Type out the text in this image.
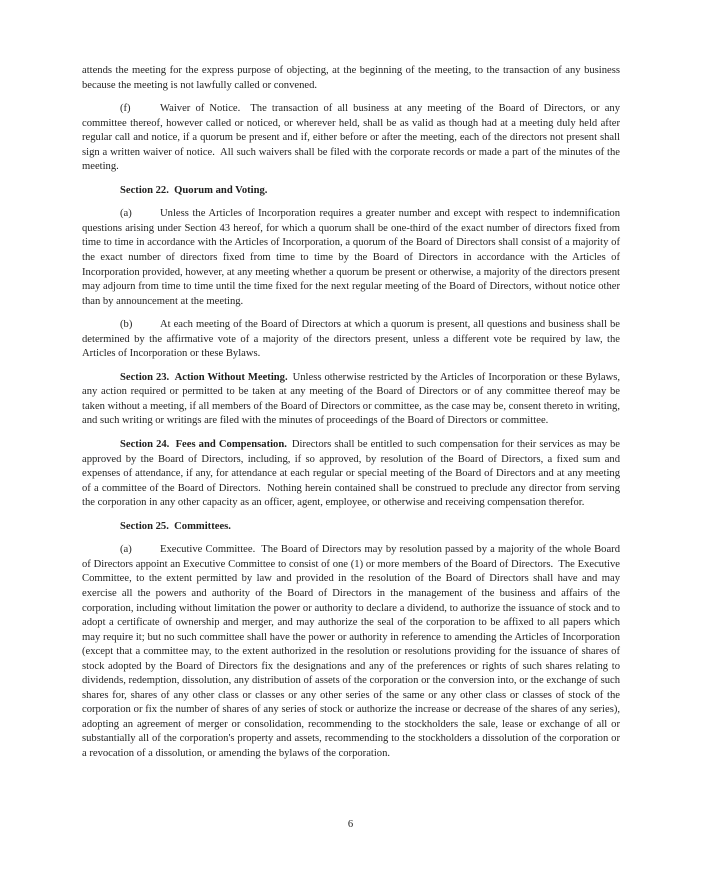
attends the meeting for the express purpose of objecting, at the beginning of the meeting, to the transaction of any business because the meeting is not lawfully called or convened.

(f)	Waiver of Notice.  The transaction of all business at any meeting of the Board of Directors, or any committee thereof, however called or noticed, or wherever held, shall be as valid as though had at a meeting duly held after regular call and notice, if a quorum be present and if, either before or after the meeting, each of the directors not present shall sign a written waiver of notice.  All such waivers shall be filed with the corporate records or made a part of the minutes of the meeting.

Section 22.  Quorum and Voting.

(a)	Unless the Articles of Incorporation requires a greater number and except with respect to indemnification questions arising under Section 43 hereof, for which a quorum shall be one-third of the exact number of directors fixed from time to time in accordance with the Articles of Incorporation, a quorum of the Board of Directors shall consist of a majority of the exact number of directors fixed from time to time by the Board of Directors in accordance with the Articles of Incorporation provided, however, at any meeting whether a quorum be present or otherwise, a majority of the directors present may adjourn from time to time until the time fixed for the next regular meeting of the Board of Directors, without notice other than by announcement at the meeting.

(b)	At each meeting of the Board of Directors at which a quorum is present, all questions and business shall be determined by the affirmative vote of a majority of the directors present, unless a different vote be required by law, the Articles of Incorporation or these Bylaws.

Section 23.  Action Without Meeting. Unless otherwise restricted by the Articles of Incorporation or these Bylaws, any action required or permitted to be taken at any meeting of the Board of Directors or of any committee thereof may be taken without a meeting, if all members of the Board of Directors or committee, as the case may be, consent thereto in writing, and such writing or writings are filed with the minutes of proceedings of the Board of Directors or committee.

Section 24.  Fees and Compensation. Directors shall be entitled to such compensation for their services as may be approved by the Board of Directors, including, if so approved, by resolution of the Board of Directors, a fixed sum and expenses of attendance, if any, for attendance at each regular or special meeting of the Board of Directors and at any meeting of a committee of the Board of Directors.  Nothing herein contained shall be construed to preclude any director from serving the corporation in any other capacity as an officer, agent, employee, or otherwise and receiving compensation therefor.

Section 25.  Committees.

(a)	Executive Committee.  The Board of Directors may by resolution passed by a majority of the whole Board of Directors appoint an Executive Committee to consist of one (1) or more members of the Board of Directors.  The Executive Committee, to the extent permitted by law and provided in the resolution of the Board of Directors shall have and may exercise all the powers and authority of the Board of Directors in the management of the business and affairs of the corporation, including without limitation the power or authority to declare a dividend, to authorize the issuance of stock and to adopt a certificate of ownership and merger, and may authorize the seal of the corporation to be affixed to all papers which may require it; but no such committee shall have the power or authority in reference to amending the Articles of Incorporation (except that a committee may, to the extent authorized in the resolution or resolutions providing for the issuance of shares of stock adopted by the Board of Directors fix the designations and any of the preferences or rights of such shares relating to dividends, redemption, dissolution, any distribution of assets of the corporation or the conversion into, or the exchange of such shares for, shares of any other class or classes or any other series of the same or any other class or classes of stock of the corporation or fix the number of shares of any series of stock or authorize the increase or decrease of the shares of any series), adopting an agreement of merger or consolidation, recommending to the stockholders the sale, lease or exchange of all or substantially all of the corporation's property and assets, recommending to the stockholders a dissolution of the corporation or a revocation of a dissolution, or amending the bylaws of the corporation.

6
